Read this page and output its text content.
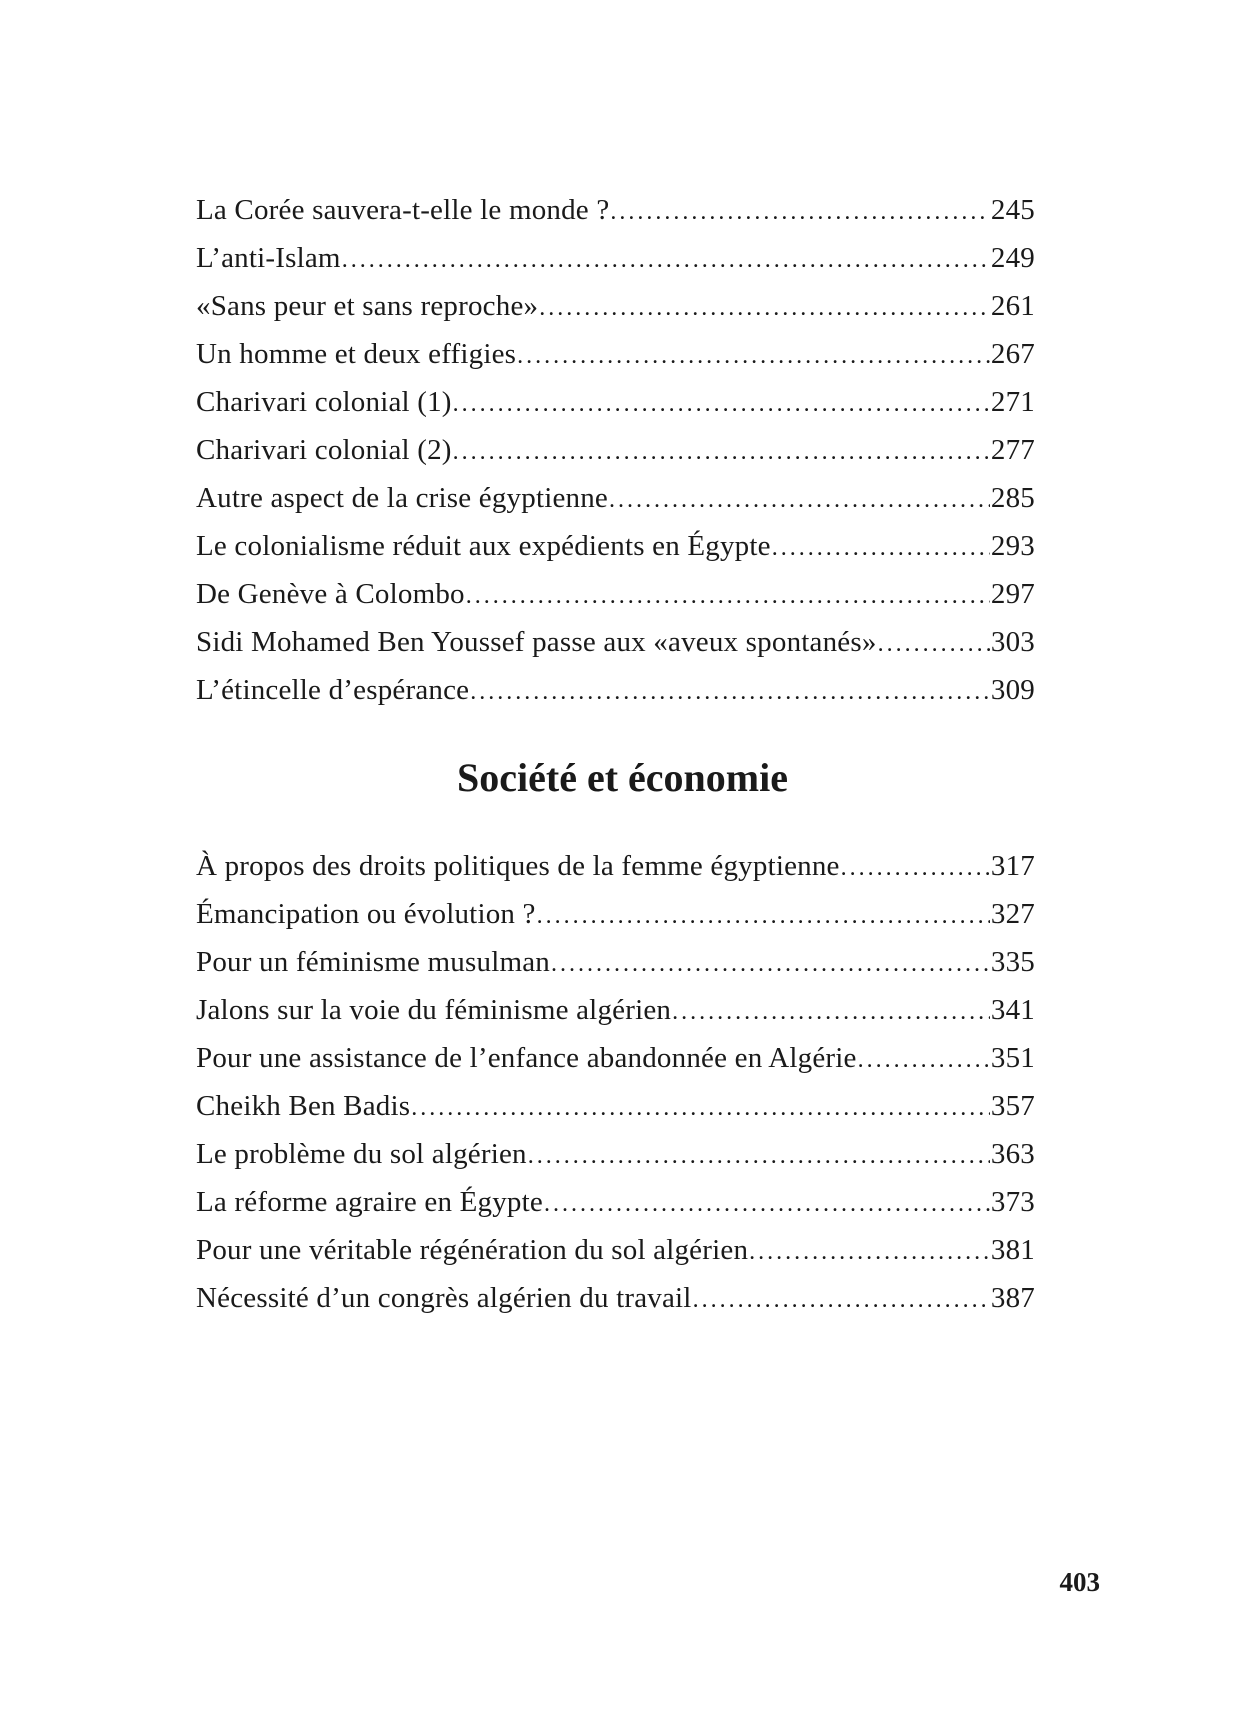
La Corée sauvera-t-elle le monde ? .....	245
L’anti-Islam .....	249
«Sans peur et sans reproche» .....	261
Un homme et deux effigies .....	267
Charivari colonial (1) .....	271
Charivari colonial (2) .....	277
Autre aspect de la crise égyptienne .....	285
Le colonialisme réduit aux expédients en Égypte .....	293
De Genève à Colombo .....	297
Sidi Mohamed Ben Youssef passe aux «aveux spontanés» .....	303
L’étincelle d’espérance .....	309
Société et économie
À propos des droits politiques de la femme égyptienne .....	317
Émancipation ou évolution ? .....	327
Pour un féminisme musulman .....	335
Jalons sur la voie du féminisme algérien .....	341
Pour une assistance de l’enfance abandonnée en Algérie .....	351
Cheikh Ben Badis .....	357
Le problème du sol algérien .....	363
La réforme agraire en Égypte .....	373
Pour une véritable régénération du sol algérien .....	381
Nécessité d’un congrès algérien du travail .....	387
403
